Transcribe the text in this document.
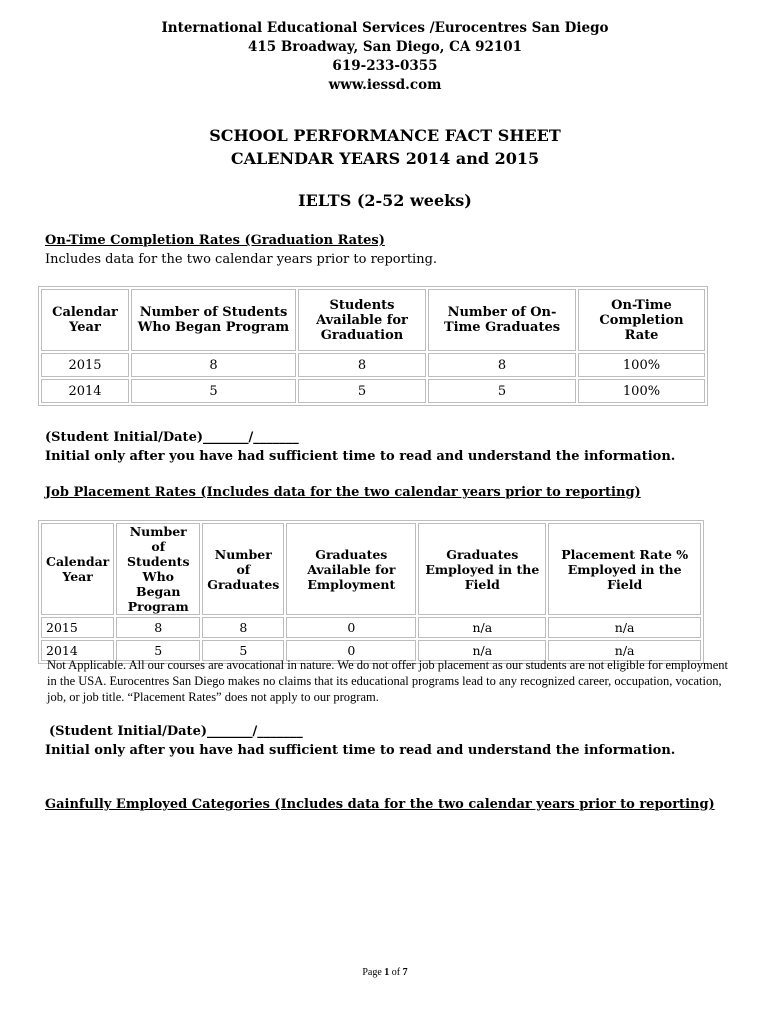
International Educational Services /Eurocentres San Diego
415 Broadway, San Diego, CA 92101
619-233-0355
www.iessd.com
SCHOOL PERFORMANCE FACT SHEET
CALENDAR YEARS 2014 and 2015
IELTS (2-52 weeks)
On-Time Completion Rates (Graduation Rates)
Includes data for the two calendar years prior to reporting.
Calendar Year	Number of Students Who Began Program	Students Available for Graduation	Number of On-Time Graduates	On-Time Completion Rate
2015	8	8	8	100%
2014	5	5	5	100%
(Student Initial/Date)_______/_______
Initial only after you have had sufficient time to read and understand the information.
Job Placement Rates (Includes data for the two calendar years prior to reporting)
Calendar Year	Number of Students Who Began Program	Number of Graduates	Graduates Available for Employment	Graduates Employed in the Field	Placement Rate % Employed in the Field
2015	8	8	0	n/a	n/a
2014	5	5	0	n/a	n/a
Not Applicable. All our courses are avocational in nature. We do not offer job placement as our students are not eligible for employment in the USA. Eurocentres San Diego makes no claims that its educational programs lead to any recognized career, occupation, vocation, job, or job title. “Placement Rates” does not apply to our program.
(Student Initial/Date)_______/_______
Initial only after you have had sufficient time to read and understand the information.
Gainfully Employed Categories (Includes data for the two calendar years prior to reporting)
Page 1 of 7
